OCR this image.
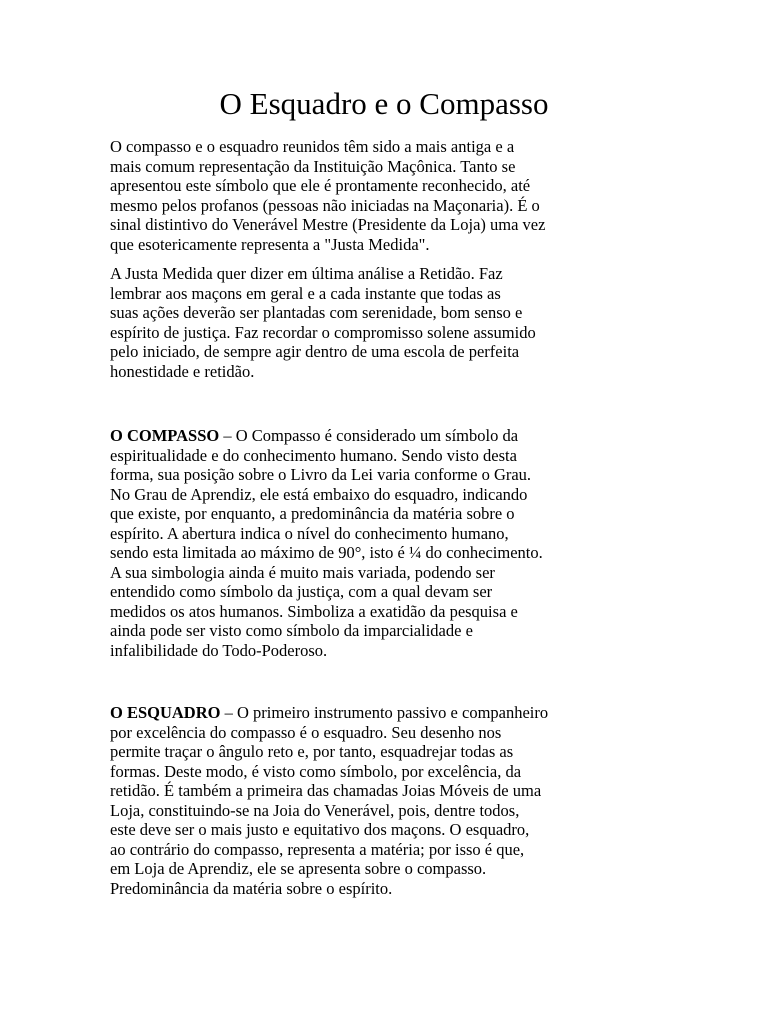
O Esquadro e o Compasso

O compasso e o esquadro reunidos têm sido a mais antiga e a
mais comum representação da Instituição Maçônica. Tanto se
apresentou este símbolo que ele é prontamente reconhecido, até
mesmo pelos profanos (pessoas não iniciadas na Maçonaria). É o
sinal distintivo do Venerável Mestre (Presidente da Loja) uma vez
que esotericamente representa a "Justa Medida".

A Justa Medida quer dizer em última análise a Retidão. Faz
lembrar aos maçons em geral e a cada instante que todas as
suas ações deverão ser plantadas com serenidade, bom senso e
espírito de justiça. Faz recordar o compromisso solene assumido
pelo iniciado, de sempre agir dentro de uma escola de perfeita
honestidade e retidão.

O COMPASSO – O Compasso é considerado um símbolo da
espiritualidade e do conhecimento humano. Sendo visto desta
forma, sua posição sobre o Livro da Lei varia conforme o Grau.
No Grau de Aprendiz, ele está embaixo do esquadro, indicando
que existe, por enquanto, a predominância da matéria sobre o
espírito. A abertura indica o nível do conhecimento humano,
sendo esta limitada ao máximo de 90°, isto é ¼ do conhecimento.
A sua simbologia ainda é muito mais variada, podendo ser
entendido como símbolo da justiça, com a qual devam ser
medidos os atos humanos. Simboliza a exatidão da pesquisa e
ainda pode ser visto como símbolo da imparcialidade e
infalibilidade do Todo-Poderoso.

O ESQUADRO – O primeiro instrumento passivo e companheiro
por excelência do compasso é o esquadro. Seu desenho nos
permite traçar o ângulo reto e, por tanto, esquadrejar todas as
formas. Deste modo, é visto como símbolo, por excelência, da
retidão. É também a primeira das chamadas Joias Móveis de uma
Loja, constituindo-se na Joia do Venerável, pois, dentre todos,
este deve ser o mais justo e equitativo dos maçons. O esquadro,
ao contrário do compasso, representa a matéria; por isso é que,
em Loja de Aprendiz, ele se apresenta sobre o compasso.
Predominância da matéria sobre o espírito.
